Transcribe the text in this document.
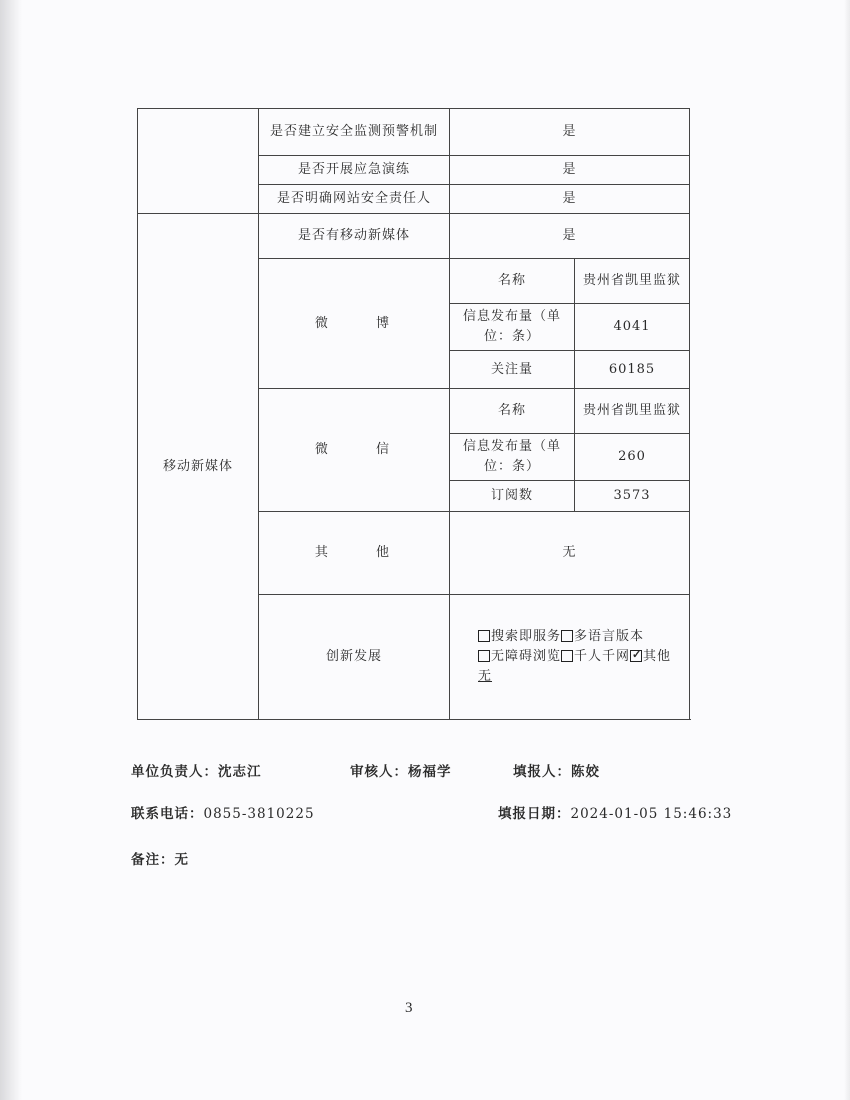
	是否建立安全监测预警机制	是	
	是否开展应急演练	是	
	是否明确网站安全责任人	是	
移动新媒体	是否有移动新媒体	是	
	微 博	名称	贵州省凯里监狱
		信息发布量（单位：条）	4041
		关注量	60185
	微 信	名称	贵州省凯里监狱
		信息发布量（单位：条）	260
		订阅数	3573
	其 他	无	
	创新发展	搜索即服务 多语言版本无障碍浏览 千人千网 ✓ 其他
无	
单位负责人：沈志江	审核人：杨福学	填报人：陈姣
联系电话：0855-3810225	填报日期：2024-01-05 15:46:33
备注：无
3
